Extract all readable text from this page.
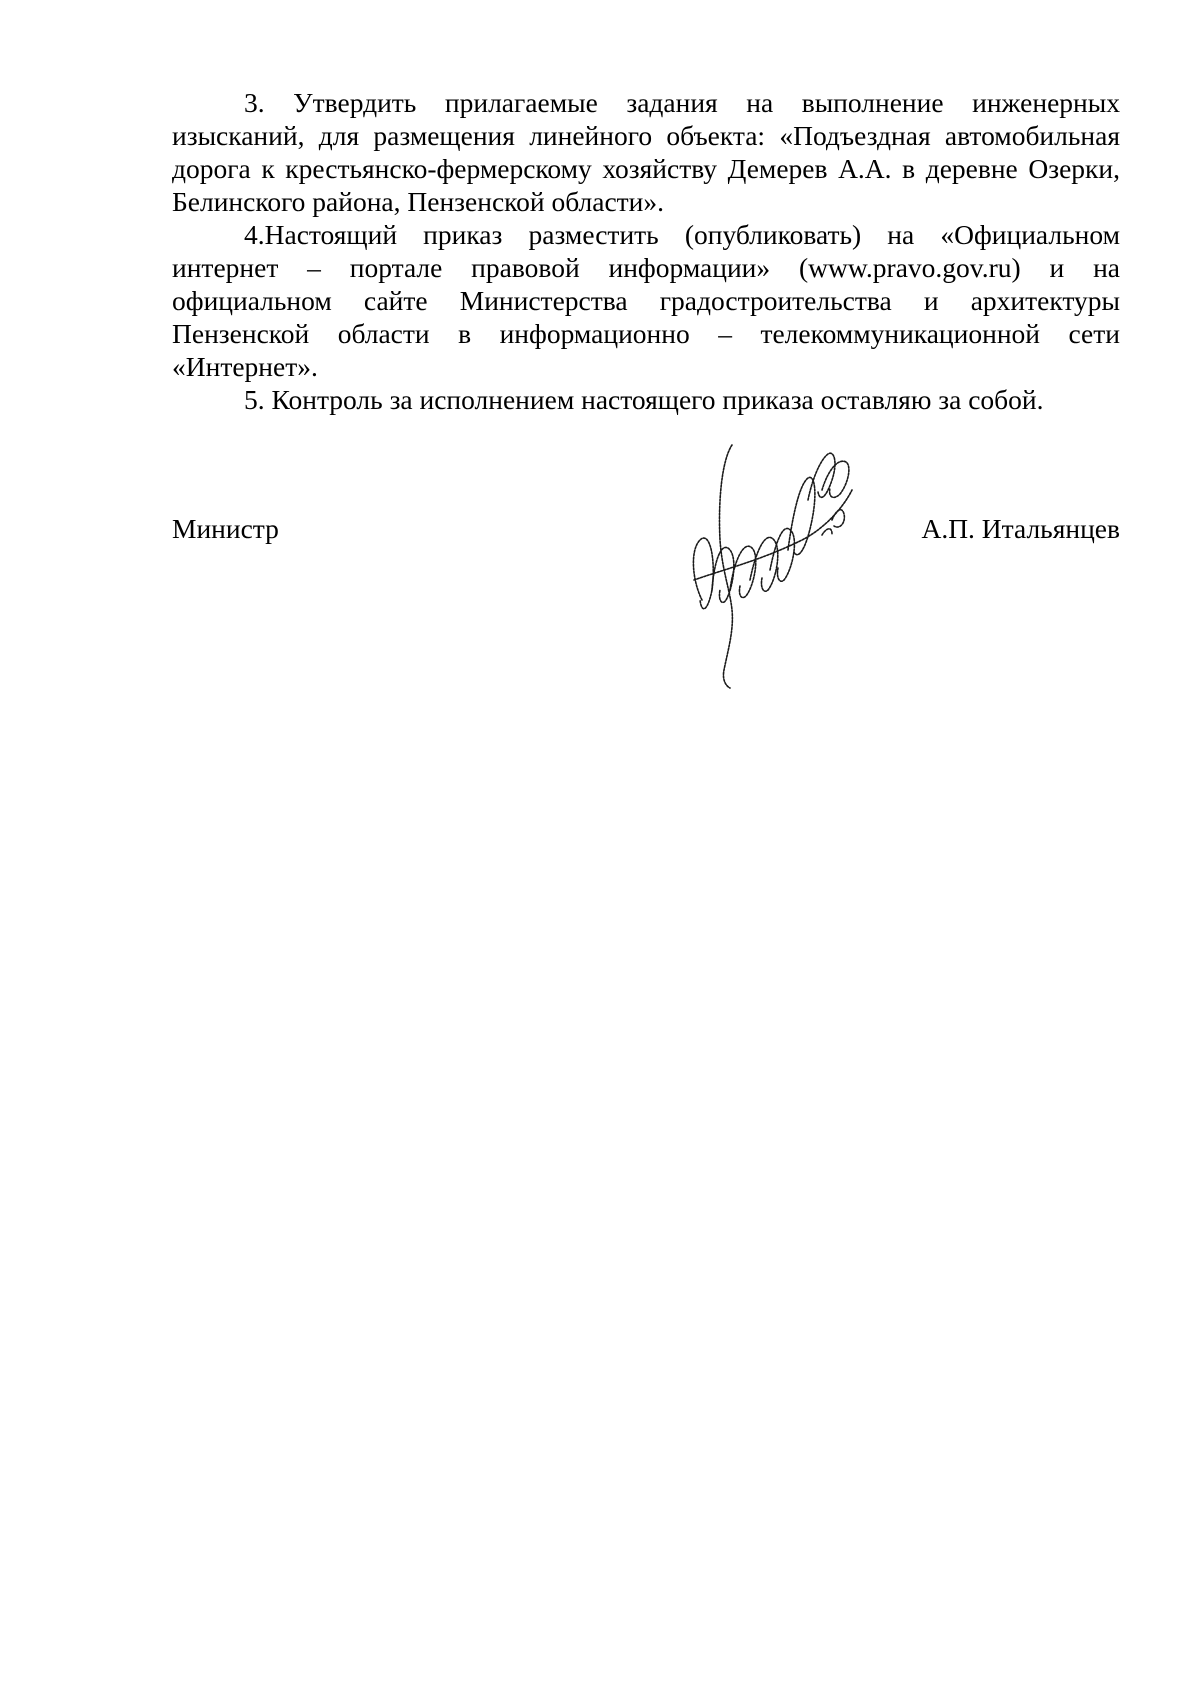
3. Утвердить прилагаемые задания на выполнение инженерных изысканий, для размещения линейного объекта: «Подъездная автомобильная дорога к крестьянско-фермерскому хозяйству Демерев А.А. в деревне Озерки, Белинского района, Пензенской области».

4.Настоящий приказ разместить (опубликовать) на «Официальном интернет – портале правовой информации» (www.pravo.gov.ru) и на официальном сайте Министерства градостроительства и архитектуры Пензенской области в информационно – телекоммуникационной сети «Интернет».

5. Контроль за исполнением настоящего приказа оставляю за собой.

Министр	А.П. Итальянцев
